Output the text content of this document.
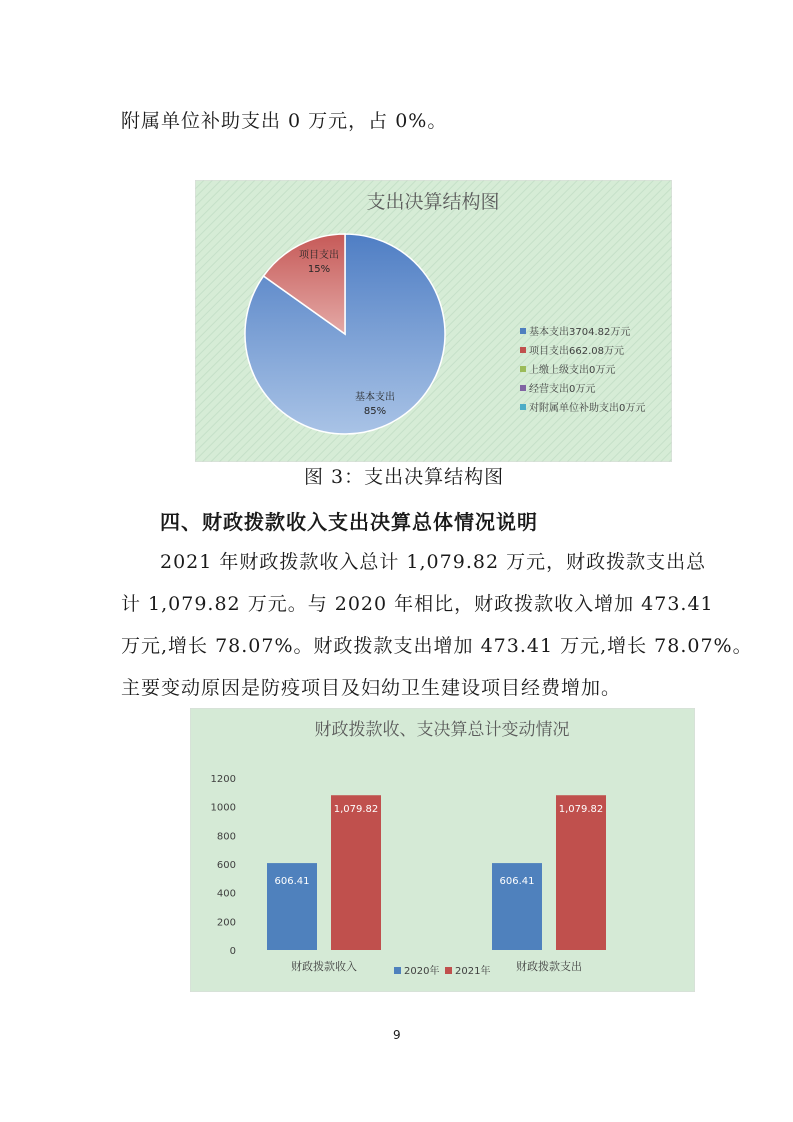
附属单位补助支出 0 万元，占 0%。
支出决算结构图
基本支出
85%
项目支出
15%
基本支出3704.82万元
项目支出662.08万元
上缴上级支出0万元
经营支出0万元
对附属单位补助支出0万元
图 3：支出决算结构图
四、财政拨款收入支出决算总体情况说明
2021 年财政拨款收入总计 1,079.82 万元，财政拨款支出总
计 1,079.82 万元。与 2020 年相比，财政拨款收入增加 473.41
万元,增长 78.07%。财政拨款支出增加 473.41 万元,增长 78.07%。
主要变动原因是防疫项目及妇幼卫生建设项目经费增加。
财政拨款收、支决算总计变动情况
0
200
400
600
800
1000
1200
财政拨款收入	财政拨款支出
606.41
1,079.82
606.41
1,079.82
2020年 2021年
9
